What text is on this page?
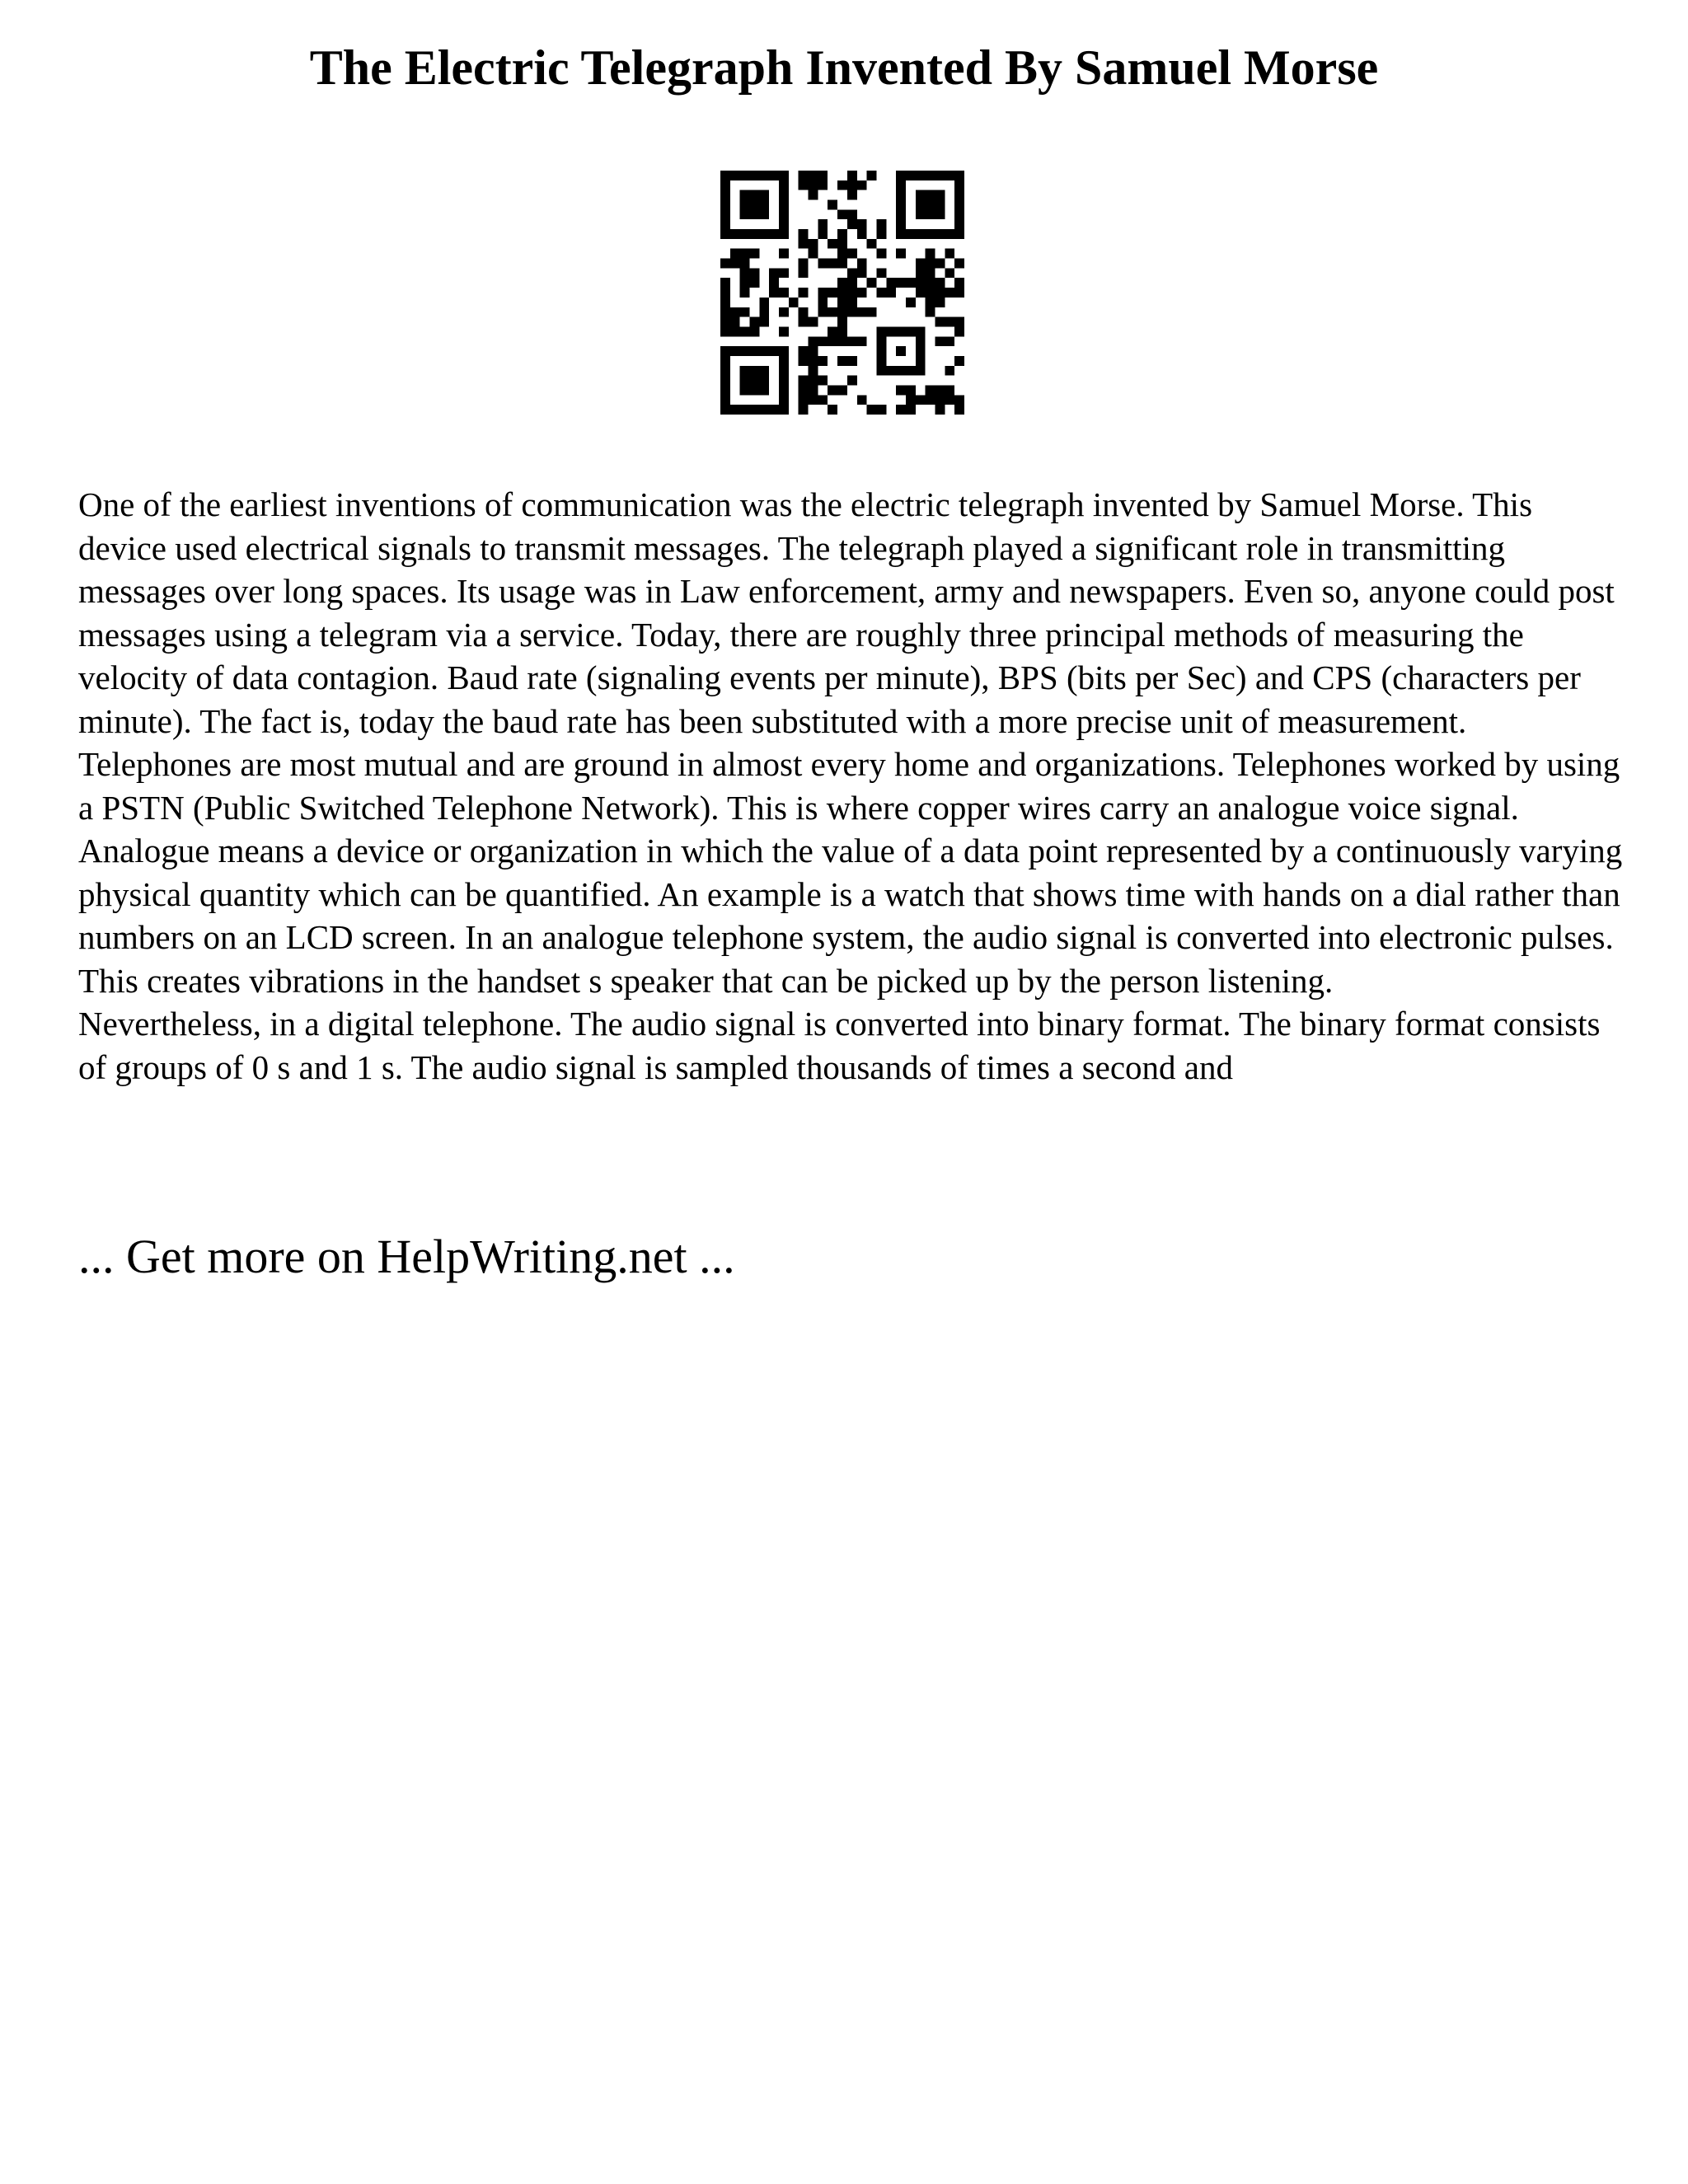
The Electric Telegraph Invented By Samuel Morse

One of the earliest inventions of communication was the electric telegraph invented by Samuel Morse. This device used electrical signals to transmit messages. The telegraph played a significant role in transmitting messages over long spaces. Its usage was in Law enforcement, army and newspapers. Even so, anyone could post messages using a telegram via a service. Today, there are roughly three principal methods of measuring the velocity of data contagion. Baud rate (signaling events per minute), BPS (bits per Sec) and CPS (characters per minute). The fact is, today the baud rate has been substituted with a more precise unit of measurement.

Telephones are most mutual and are ground in almost every home and organizations. Telephones worked by using a PSTN (Public Switched Telephone Network). This is where copper wires carry an analogue voice signal. Analogue means a device or organization in which the value of a data point represented by a continuously varying physical quantity which can be quantified. An example is a watch that shows time with hands on a dial rather than numbers on an LCD screen. In an analogue telephone system, the audio signal is converted into electronic pulses. This creates vibrations in the handset s speaker that can be picked up by the person listening.

Nevertheless, in a digital telephone. The audio signal is converted into binary format. The binary format consists of groups of 0 s and 1 s. The audio signal is sampled thousands of times a second and

... Get more on HelpWriting.net ...
